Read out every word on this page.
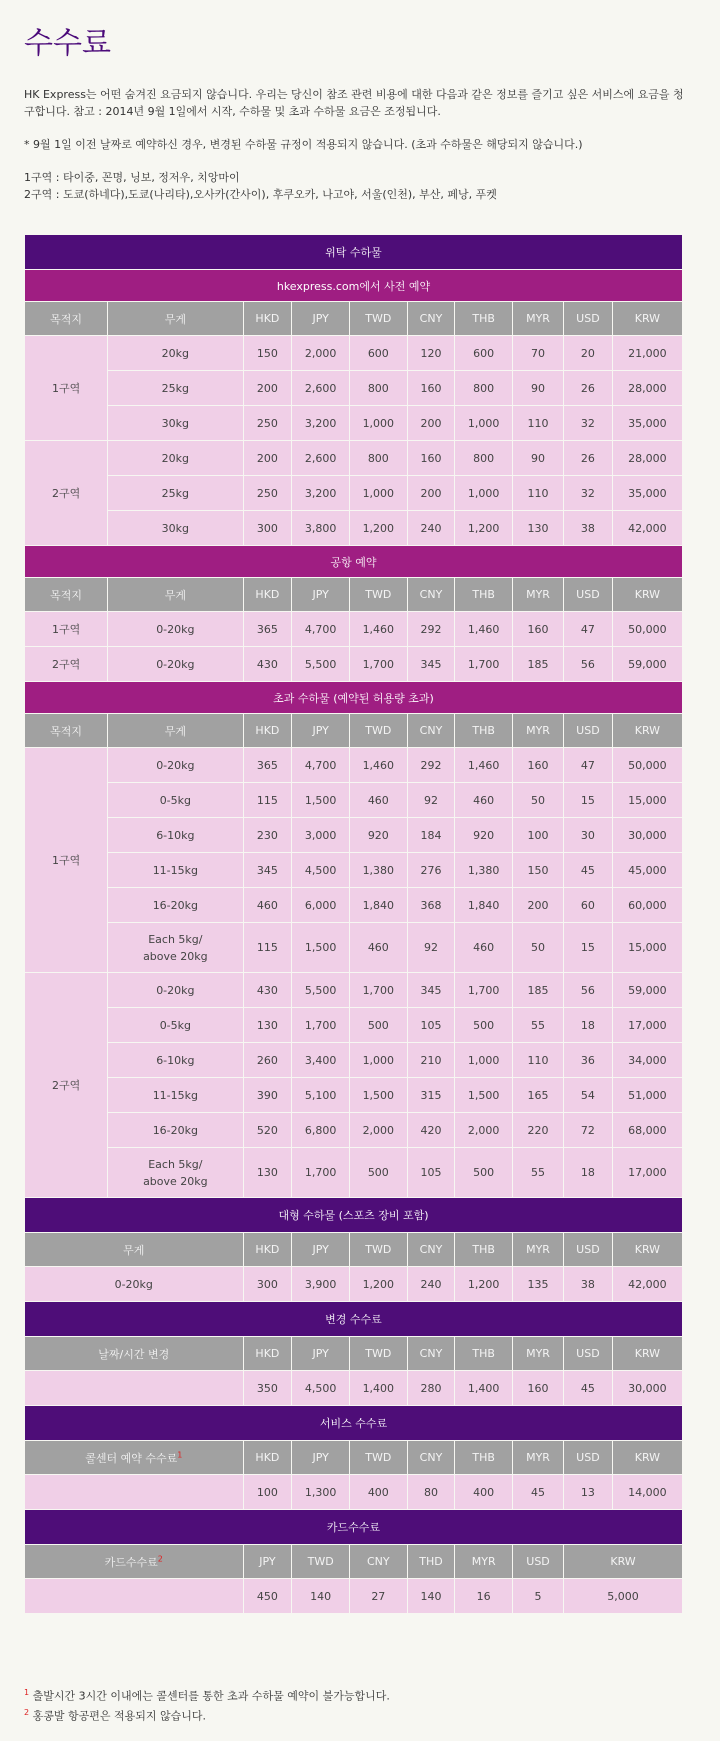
수수료

HK Express는 어떤 숨겨진 요금되지 않습니다. 우리는 당신이 참조 관련 비용에 대한 다음과 같은 정보를 즐기고 싶은 서비스에 요금을 청구합니다. 참고 : 2014년 9월 1일에서 시작, 수하물 및 초과 수하물 요금은 조정됩니다.

* 9월 1일 이전 날짜로 예약하신 경우, 변경된 수하물 규정이 적용되지 않습니다. (초과 수하물은 해당되지 않습니다.)

1구역 : 타이중, 꼰명, 닝보, 정저우, 치앙마이

2구역 : 도쿄(하네다),도쿄(나리타),오사카(간사이), 후쿠오카, 나고야, 서울(인천), 부산, 페낭, 푸켓

위탁 수하물									
hkexpress.com에서 사전 예약									
목적지	무게	HKD	JPY	TWD	CNY	THB	MYR	USD	KRW
1구역	20kg	150	2,000	600	120	600	70	20	21,000
	25kg	200	2,600	800	160	800	90	26	28,000
	30kg	250	3,200	1,000	200	1,000	110	32	35,000
2구역	20kg	200	2,600	800	160	800	90	26	28,000
	25kg	250	3,200	1,000	200	1,000	110	32	35,000
	30kg	300	3,800	1,200	240	1,200	130	38	42,000
공항 예약									
목적지	무게	HKD	JPY	TWD	CNY	THB	MYR	USD	KRW
1구역	0-20kg	365	4,700	1,460	292	1,460	160	47	50,000
2구역	0-20kg	430	5,500	1,700	345	1,700	185	56	59,000
초과 수하물 (예약된 허용량 초과)									
목적지	무게	HKD	JPY	TWD	CNY	THB	MYR	USD	KRW
1구역	0-20kg	365	4,700	1,460	292	1,460	160	47	50,000
	0-5kg	115	1,500	460	92	460	50	15	15,000
	6-10kg	230	3,000	920	184	920	100	30	30,000
	11-15kg	345	4,500	1,380	276	1,380	150	45	45,000
	16-20kg	460	6,000	1,840	368	1,840	200	60	60,000
	Each 5kg/
above 20kg	115	1,500	460	92	460	50	15	15,000
2구역	0-20kg	430	5,500	1,700	345	1,700	185	56	59,000
	0-5kg	130	1,700	500	105	500	55	18	17,000
	6-10kg	260	3,400	1,000	210	1,000	110	36	34,000
	11-15kg	390	5,100	1,500	315	1,500	165	54	51,000
	16-20kg	520	6,800	2,000	420	2,000	220	72	68,000
	Each 5kg/
above 20kg	130	1,700	500	105	500	55	18	17,000
대형 수하물 (스포츠 장비 포함)									
무게		HKD	JPY	TWD	CNY	THB	MYR	USD	KRW
0-20kg		300	3,900	1,200	240	1,200	135	38	42,000
변경 수수료									
날짜/시간 변경		HKD	JPY	TWD	CNY	THB	MYR	USD	KRW
		350	4,500	1,400	280	1,400	160	45	30,000
서비스 수수료									
콜센터 예약 수수료$^1$		HKD	JPY	TWD	CNY	THB	MYR	USD	KRW
		100	1,300	400	80	400	45	13	14,000
카드수수료									
카드수수료$^2$		JPY	TWD	CNY	THD	MYR	USD	KRW	
		450	140	27	140	16	5	5,000	

$^1$ 출발시간 3시간 이내에는 콜센터를 통한 초과 수하물 예약이 불가능합니다.

$^2$ 홍콩발 항공편은 적용되지 않습니다.
